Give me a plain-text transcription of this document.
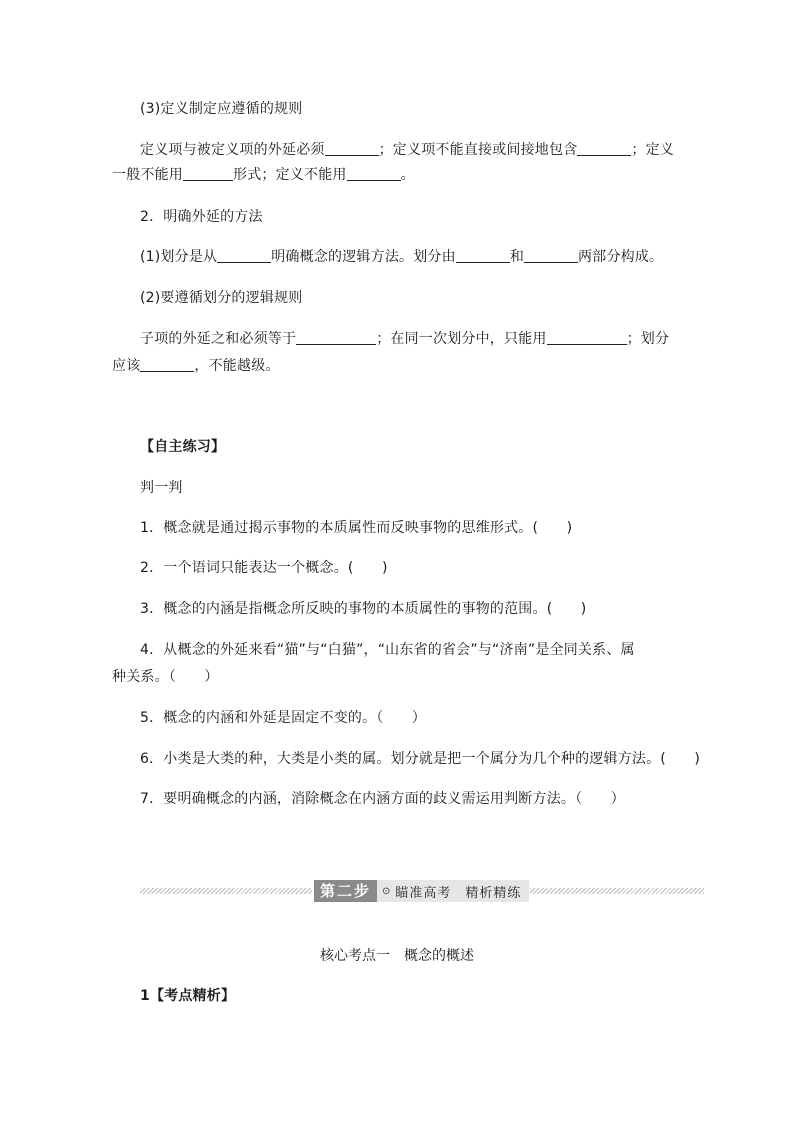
(3)定义制定应遵循的规则
定义项与被定义项的外延必须	；定义项不能直接或间接地包含	；定义
一般不能用	形式；定义不能用	。
2．明确外延的方法
(1)划分是从	明确概念的逻辑方法。划分由	和	两部分构成。
(2)要遵循划分的逻辑规则
子项的外延之和必须等于	；在同一次划分中，只能用	；划分
应该	，不能越级。
【自主练习】
判一判
1．概念就是通过揭示事物的本质属性而反映事物的思维形式。(　　)
2．一个语词只能表达一个概念。(　　)
3．概念的内涵是指概念所反映的事物的本质属性的事物的范围。(　　)
4．从概念的外延来看“猫”与“白猫”，“山东省的省会”与“济南”是全同关系、属
种关系。（　　）
5．概念的内涵和外延是固定不变的。（　　）
6．小类是大类的种，大类是小类的属。划分就是把一个属分为几个种的逻辑方法。(　　)
7．要明确概念的内涵，消除概念在内涵方面的歧义需运用判断方法。（　　）
第二步	⊙ 瞄准高考　精析精练
核心考点一　概念的概述
1【考点精析】
